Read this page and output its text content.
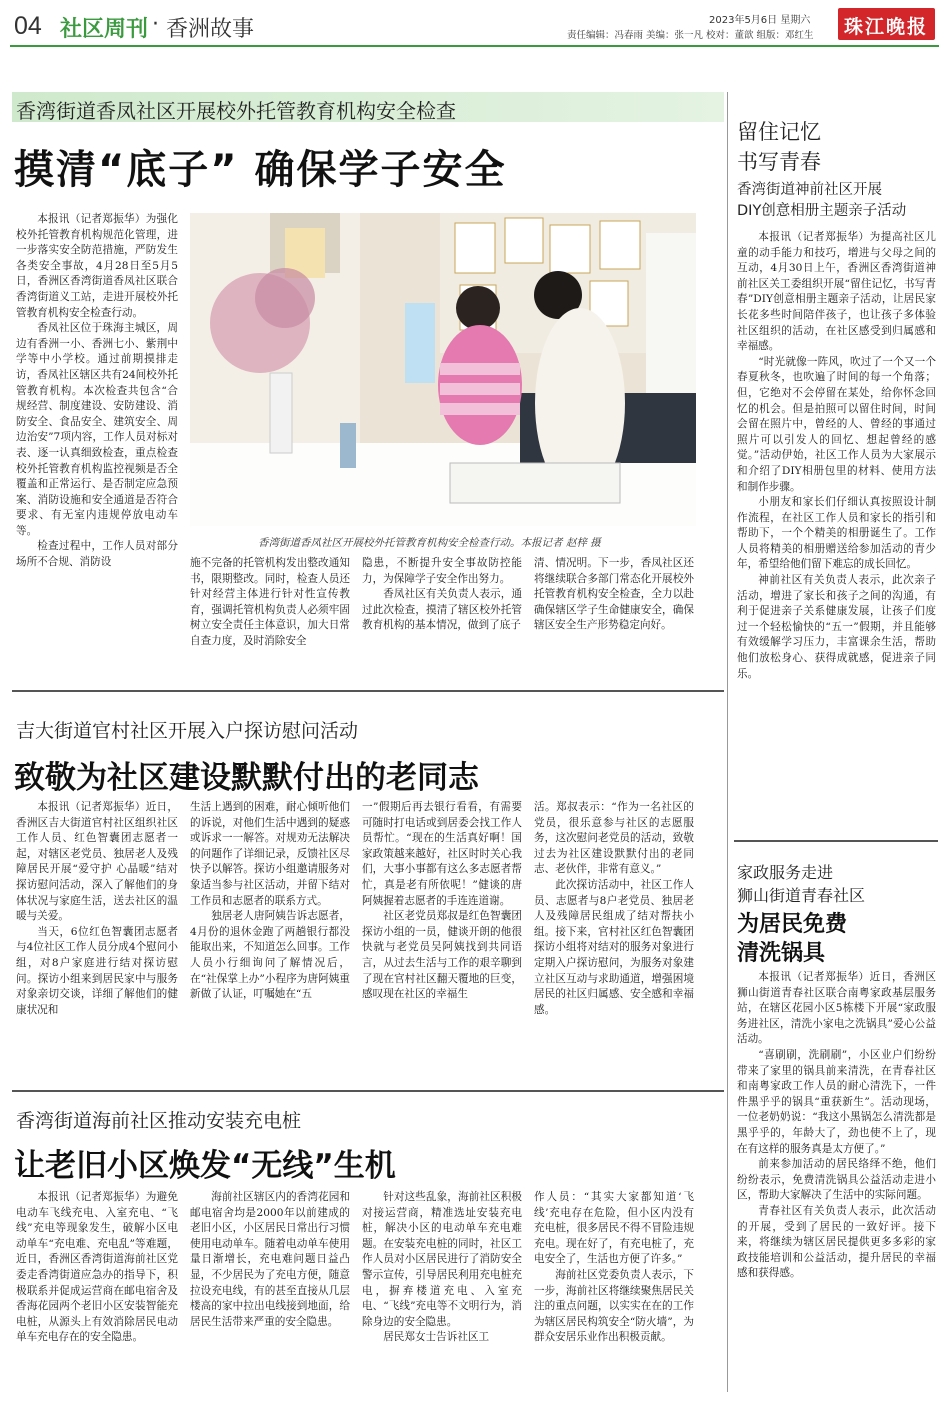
04 社区周刊 · 香洲故事	2023年5月6日 星期六
责任编辑：冯春雨 美编：张一凡 校对：董歆 组版：邓红生 珠江晚报
香湾街道香凤社区开展校外托管教育机构安全检查
摸清“底子” 确保学子安全

本报讯（记者郑振华）为强化校外托管教育机构规范化管理，进一步落实安全防范措施，严防发生各类安全事故，4月28日至5月5日，香洲区香湾街道香凤社区联合香湾街道义工站，走进开展校外托管教育机构安全检查行动。

香凤社区位于珠海主城区，周边有香洲一小、香洲七小、紫荆中学等中小学校。通过前期摸排走访，香凤社区辖区共有24间校外托管教育机构。本次检查共包含“合规经营、制度建设、安防建设、消防安全、食品安全、建筑安全、周边治安”7项内容，工作人员对标对表、逐一认真细致检查，重点检查校外托管教育机构监控视频是否全覆盖和正常运行、是否制定应急预案、消防设施和安全通道是否符合要求、有无室内违规停放电动车等。

检查过程中，工作人员对部分场所不合规、消防设

香湾街道香凤社区开展校外托管教育机构安全检查行动。本报记者 赵梓 摄

施不完备的托管机构发出整改通知书，限期整改。同时，检查人员还针对经营主体进行针对性宣传教育，强调托管机构负责人必须牢固树立安全责任主体意识，加大日常自查力度，及时消除安全

隐患，不断提升安全事故防控能力，为保障学子安全作出努力。

香凤社区有关负责人表示，通过此次检查，摸清了辖区校外托管教育机构的基本情况，做到了底子

清、情况明。下一步，香凤社区还将继续联合多部门常态化开展校外托管教育机构安全检查，全力以赴确保辖区学子生命健康安全，确保辖区安全生产形势稳定向好。

吉大街道官村社区开展入户探访慰问活动
致敬为社区建设默默付出的老同志

本报讯（记者郑振华）近日，香洲区吉大街道官村社区组织社区工作人员、红色智囊团志愿者一起，对辖区老党员、独居老人及残障居民开展“爱守护 心晶暖”结对探访慰问活动，深入了解他们的身体状况与家庭生活，送去社区的温暖与关爱。

当天，6位红色智囊团志愿者与4位社区工作人员分成4个慰问小组，对8户家庭进行结对探访慰问。探访小组来到居民家中与服务对象亲切交谈，详细了解他们的健康状况和

生活上遇到的困难，耐心倾听他们的诉说，对他们生活中遇到的疑惑或诉求一一解答。对规劝无法解决的问题作了详细记录，反馈社区尽快予以解答。探访小组邀请服务对象适当参与社区活动，并留下结对工作员和志愿者的联系方式。

独居老人唐阿姨告诉志愿者，4月份的退休金跑了两趟银行都没能取出来，不知道怎么回事。工作人员小行细询问了解情况后，在“社保掌上办”小程序为唐阿姨重新做了认证，叮嘱她在“五

一”假期后再去银行看看，有需要可随时打电话或到居委会找工作人员帮忙。“现在的生活真好啊！国家政策越来越好，社区时时关心我们，大事小事都有这么多志愿者帮忙，真是老有所依呢！”健谈的唐阿姨握着志愿者的手连连道谢。

社区老党员郑叔是红色智囊团探访小组的一员，健谈开朗的他很快就与老党员吴阿姨找到共同语言，从过去生活与工作的艰辛聊到了现在官村社区翻天覆地的巨变，感叹现在社区的幸福生

活。郑叔表示：“作为一名社区的党员，很乐意参与社区的志愿服务，这次慰问老党员的活动，致敬过去为社区建设默默付出的老同志、老伙伴，非常有意义。”

此次探访活动中，社区工作人员、志愿者与8户老党员、独居老人及残障居民组成了结对帮扶小组。接下来，官村社区红色智囊团探访小组将对结对的服务对象进行定期入户探访慰问，为服务对象建立社区互动与求助通道，增强困境居民的社区归属感、安全感和幸福感。

香湾街道海前社区推动安装充电桩
让老旧小区焕发“无线”生机

本报讯（记者郑振华）为避免电动车飞线充电、入室充电、“飞线”充电等现象发生，破解小区电动单车“充电难、充电乱”等难题，近日，香洲区香湾街道海前社区党委走香湾街道应急办的指导下，积极联系并促成运营商在邮电宿舍及香海花园两个老旧小区安装智能充电桩，从源头上有效消除居民电动单车充电存在的安全隐患。

海前社区辖区内的香湾花园和邮电宿舍均是2000年以前建成的老旧小区，小区居民日常出行习惯使用电动单车。随着电动单车使用量日渐增长，充电难问题日益凸显，不少居民为了充电方便，随意拉设充电线，有的甚至直接从几层楼高的家中拉出电线接到地面，给居民生活带来严重的安全隐患。

针对这些乱象，海前社区积极对接运营商，精准选址安装充电桩，解决小区的电动单车充电难题。在安装充电桩的同时，社区工作人员对小区居民进行了消防安全警示宣传，引导居民利用充电桩充电，摒弃楼道充电、入室充电、“飞线”充电等不文明行为，消除身边的安全隐患。

居民郑女士告诉社区工

作人员：“其实大家都知道‘飞线’充电存在危险，但小区内没有充电桩，很多居民不得不冒险违规充电。现在好了，有充电桩了，充电安全了，生活也方便了许多。”

海前社区党委负责人表示，下一步，海前社区将继续聚焦居民关注的重点问题，以实实在在的工作为辖区居民构筑安全“防火墙”，为群众安居乐业作出积极贡献。

留住记忆
书写青春
香湾街道神前社区开展
DIY创意相册主题亲子活动

本报讯（记者郑振华）为提高社区儿童的动手能力和技巧，增进与父母之间的互动，4月30日上午，香洲区香湾街道神前社区关工委组织开展“留住记忆，书写青春”DIY创意相册主题亲子活动，让居民家长花多些时间陪伴孩子，也让孩子多体验社区组织的活动，在社区感受到归属感和幸福感。

“时光就像一阵风，吹过了一个又一个春夏秋冬，也吹遍了时间的每一个角落；但，它绝对不会停留在某处，给你怀念回忆的机会。但是拍照可以留住时间，时间会留在照片中，曾经的人、曾经的事通过照片可以引发人的回忆、想起曾经的感觉。”活动伊始，社区工作人员为大家展示和介绍了DIY相册包里的材料、使用方法和制作步骤。

小朋友和家长们仔细认真按照设计制作流程，在社区工作人员和家长的指引和帮助下，一个个精美的相册诞生了。工作人员将精美的相册赠送给参加活动的青少年，希望给他们留下难忘的成长回忆。

神前社区有关负责人表示，此次亲子活动，增进了家长和孩子之间的沟通，有利于促进亲子关系健康发展，让孩子们度过一个轻松愉快的“五一”假期，并且能够有效缓解学习压力，丰富课余生活，帮助他们放松身心、获得成就感，促进亲子同乐。

家政服务走进
狮山街道青春社区
为居民免费
清洗锅具

本报讯（记者郑振华）近日，香洲区狮山街道青春社区联合南粤家政基层服务站，在辖区花园小区5栋楼下开展“家政服务进社区，清洗小家电之洗锅具”爱心公益活动。

“喜刷刷，洗刷刷”，小区业户们纷纷带来了家里的锅具前来清洗，在青春社区和南粤家政工作人员的耐心清洗下，一件件黑乎乎的锅具“重获新生”。活动现场，一位老奶奶说：“我这小黑锅怎么清洗都是黑乎乎的，年龄大了，劲也使不上了，现在有这样的服务真是太方便了。”

前来参加活动的居民络绎不绝，他们纷纷表示，免费清洗锅具公益活动走进小区，帮助大家解决了生活中的实际问题。

青春社区有关负责人表示，此次活动的开展，受到了居民的一致好评。接下来，将继续为辖区居民提供更多多彩的家政技能培训和公益活动，提升居民的幸福感和获得感。
